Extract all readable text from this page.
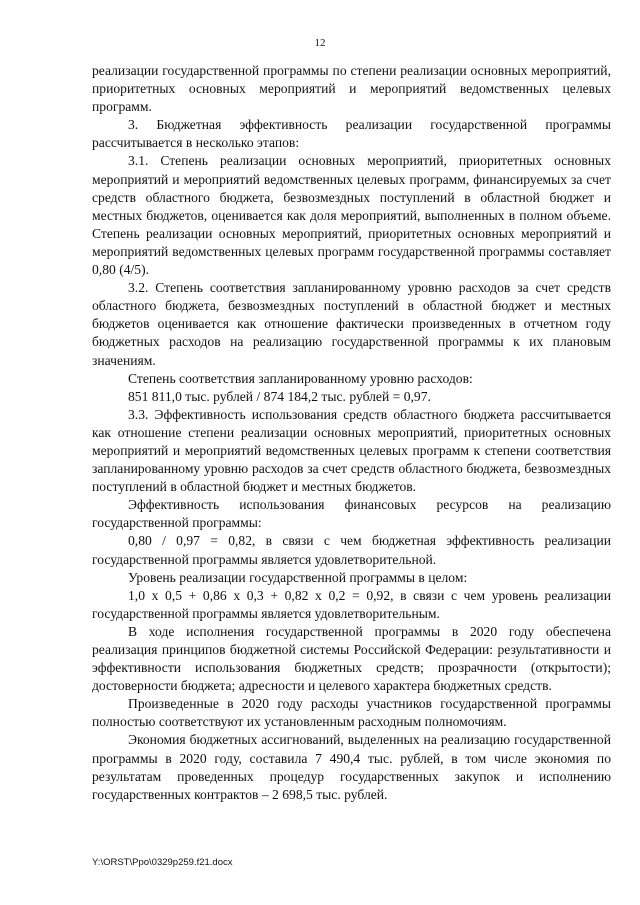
12

реализации государственной программы по степени реализации основных мероприятий, приоритетных основных мероприятий и мероприятий ведомственных целевых программ.

3. Бюджетная эффективность реализации государственной программы рассчитывается в несколько этапов:

3.1. Степень реализации основных мероприятий, приоритетных основных мероприятий и мероприятий ведомственных целевых программ, финансируемых за счет средств областного бюджета, безвозмездных поступлений в областной бюджет и местных бюджетов, оценивается как доля мероприятий, выполненных в полном объеме. Степень реализации основных мероприятий, приоритетных основных мероприятий и мероприятий ведомственных целевых программ государственной программы составляет 0,80 (4/5).

3.2. Степень соответствия запланированному уровню расходов за счет средств областного бюджета, безвозмездных поступлений в областной бюджет и местных бюджетов оценивается как отношение фактически произведенных в отчетном году бюджетных расходов на реализацию государственной программы к их плановым значениям.

Степень соответствия запланированному уровню расходов:

851 811,0 тыс. рублей / 874 184,2 тыс. рублей = 0,97.

3.3. Эффективность использования средств областного бюджета рассчитывается как отношение степени реализации основных мероприятий, приоритетных основных мероприятий и мероприятий ведомственных целевых программ к степени соответствия запланированному уровню расходов за счет средств областного бюджета, безвозмездных поступлений в областной бюджет и местных бюджетов.

Эффективность использования финансовых ресурсов на реализацию государственной программы:

0,80 / 0,97 = 0,82, в связи с чем бюджетная эффективность реализации государственной программы является удовлетворительной.

Уровень реализации государственной программы в целом:

1,0 x 0,5 + 0,86 x 0,3 + 0,82 x 0,2 = 0,92, в связи с чем уровень реализации государственной программы является удовлетворительным.

В ходе исполнения государственной программы в 2020 году обеспечена реализация принципов бюджетной системы Российской Федерации: результативности и эффективности использования бюджетных средств; прозрачности (открытости); достоверности бюджета; адресности и целевого характера бюджетных средств.

Произведенные в 2020 году расходы участников государственной программы полностью соответствуют их установленным расходным полномочиям.

Экономия бюджетных ассигнований, выделенных на реализацию государственной программы в 2020 году, составила 7 490,4 тыс. рублей, в том числе экономия по результатам проведенных процедур государственных закупок и исполнению государственных контрактов – 2 698,5 тыс. рублей.

Y:\ORST\Ppo\0329p259.f21.docx
